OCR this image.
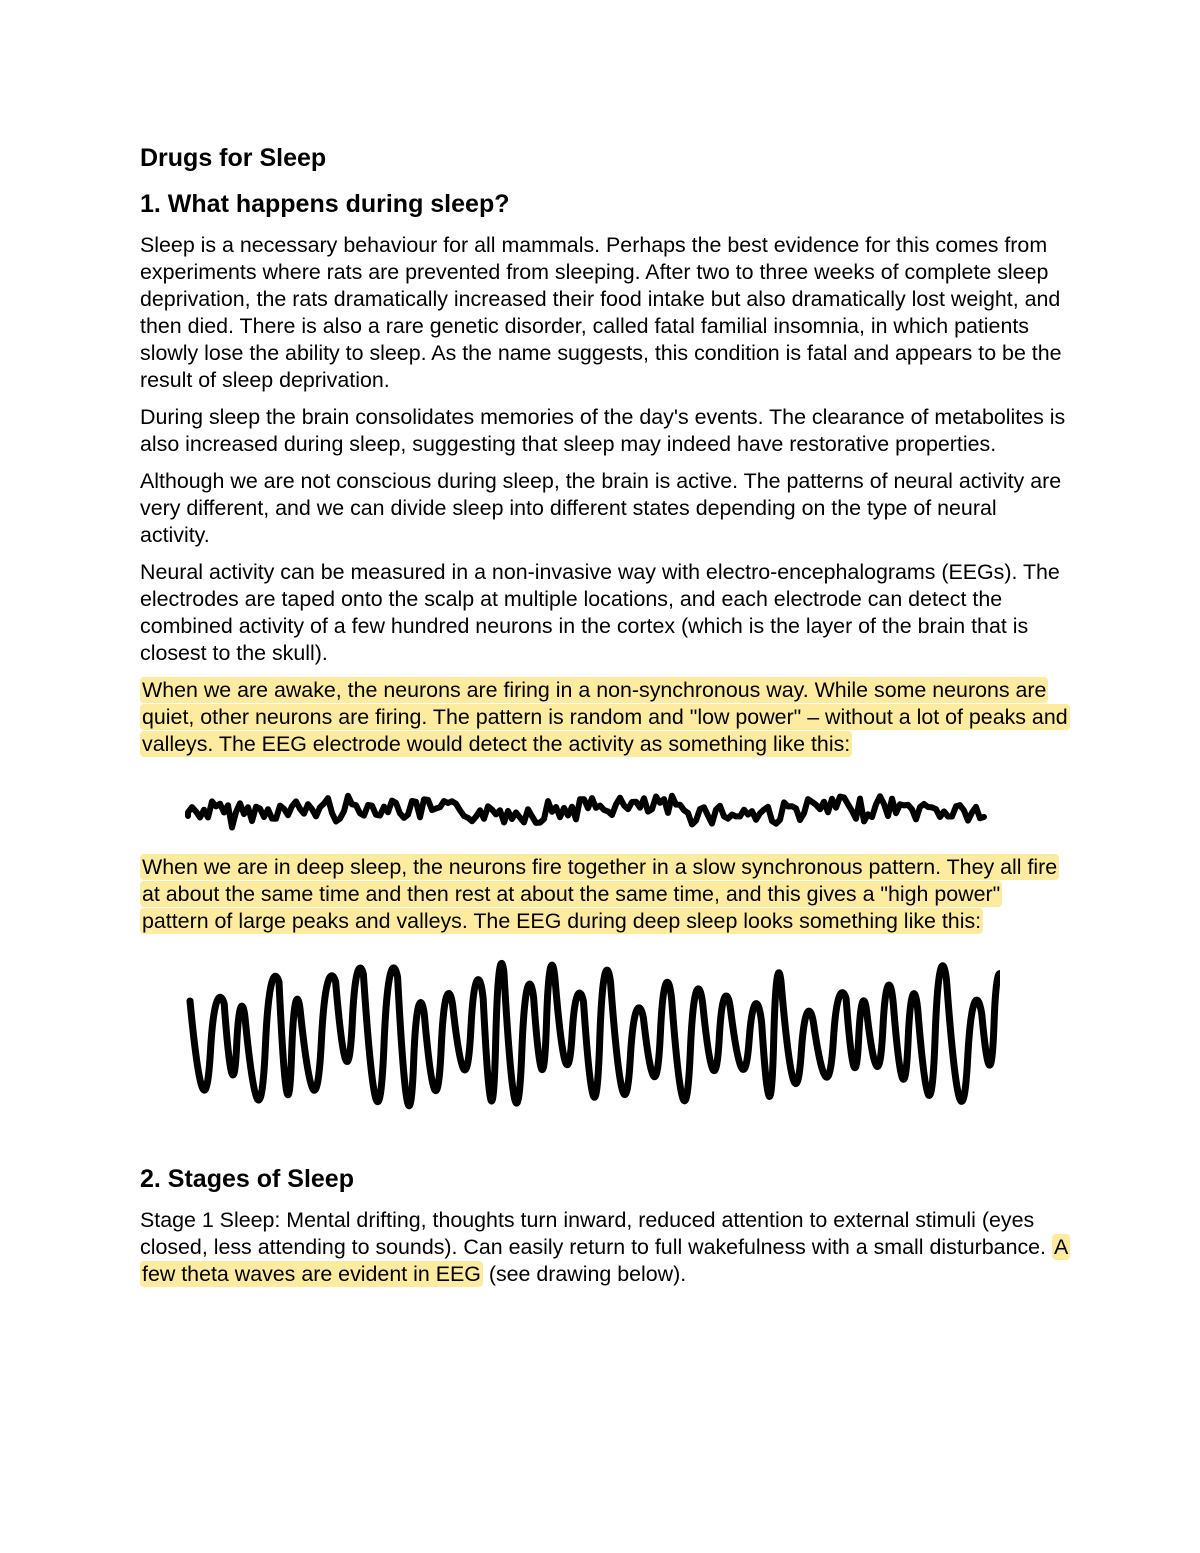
Drugs for Sleep
1. What happens during sleep?

Sleep is a necessary behaviour for all mammals. Perhaps the best evidence for this comes from experiments where rats are prevented from sleeping. After two to three weeks of complete sleep deprivation, the rats dramatically increased their food intake but also dramatically lost weight, and then died. There is also a rare genetic disorder, called fatal familial insomnia, in which patients slowly lose the ability to sleep. As the name suggests, this condition is fatal and appears to be the result of sleep deprivation.

During sleep the brain consolidates memories of the day's events. The clearance of metabolites is also increased during sleep, suggesting that sleep may indeed have restorative properties.

Although we are not conscious during sleep, the brain is active. The patterns of neural activity are very different, and we can divide sleep into different states depending on the type of neural activity.

Neural activity can be measured in a non-invasive way with electro-encephalograms (EEGs). The electrodes are taped onto the scalp at multiple locations, and each electrode can detect the combined activity of a few hundred neurons in the cortex (which is the layer of the brain that is closest to the skull).

When we are awake, the neurons are firing in a non-synchronous way. While some neurons are quiet, other neurons are firing. The pattern is random and "low power" – without a lot of peaks and valleys. The EEG electrode would detect the activity as something like this:

When we are in deep sleep, the neurons fire together in a slow synchronous pattern. They all fire at about the same time and then rest at about the same time, and this gives a "high power" pattern of large peaks and valleys. The EEG during deep sleep looks something like this:

2. Stages of Sleep

Stage 1 Sleep: Mental drifting, thoughts turn inward, reduced attention to external stimuli (eyes closed, less attending to sounds). Can easily return to full wakefulness with a small disturbance. A few theta waves are evident in EEG (see drawing below).
